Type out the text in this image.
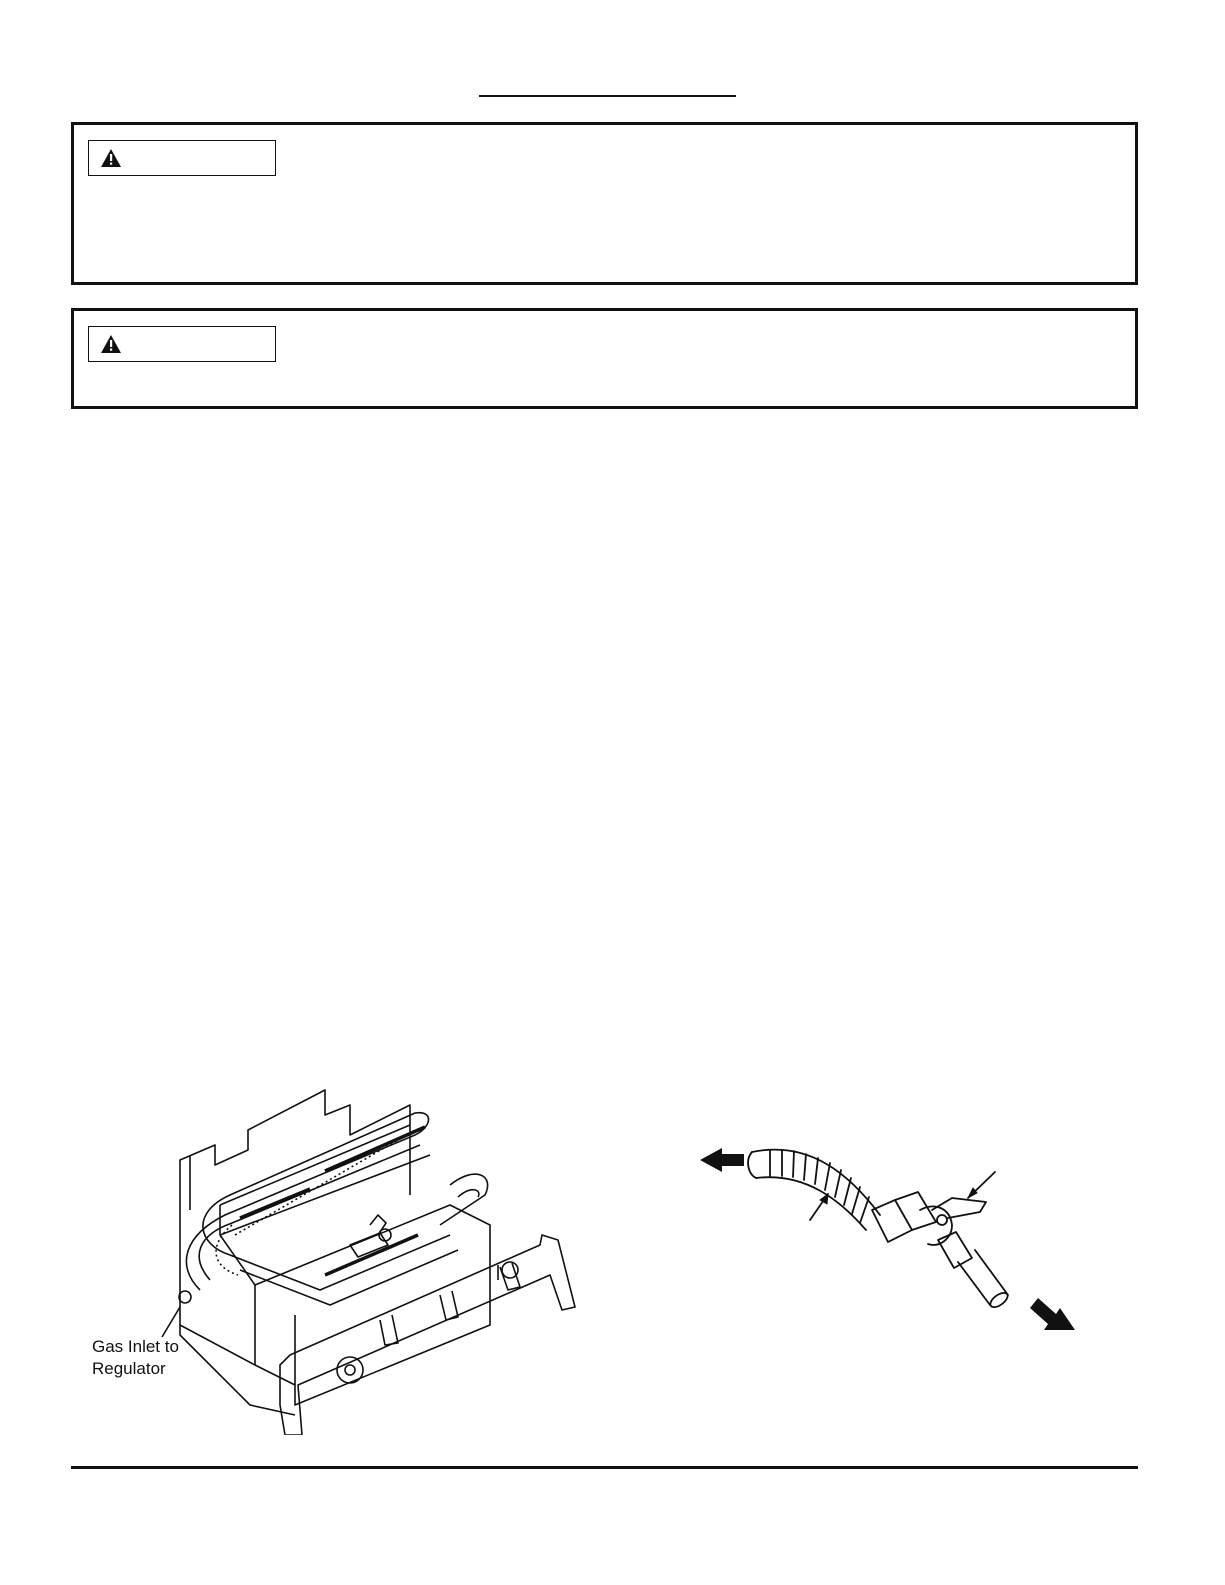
Gas Inlet to Regulator
